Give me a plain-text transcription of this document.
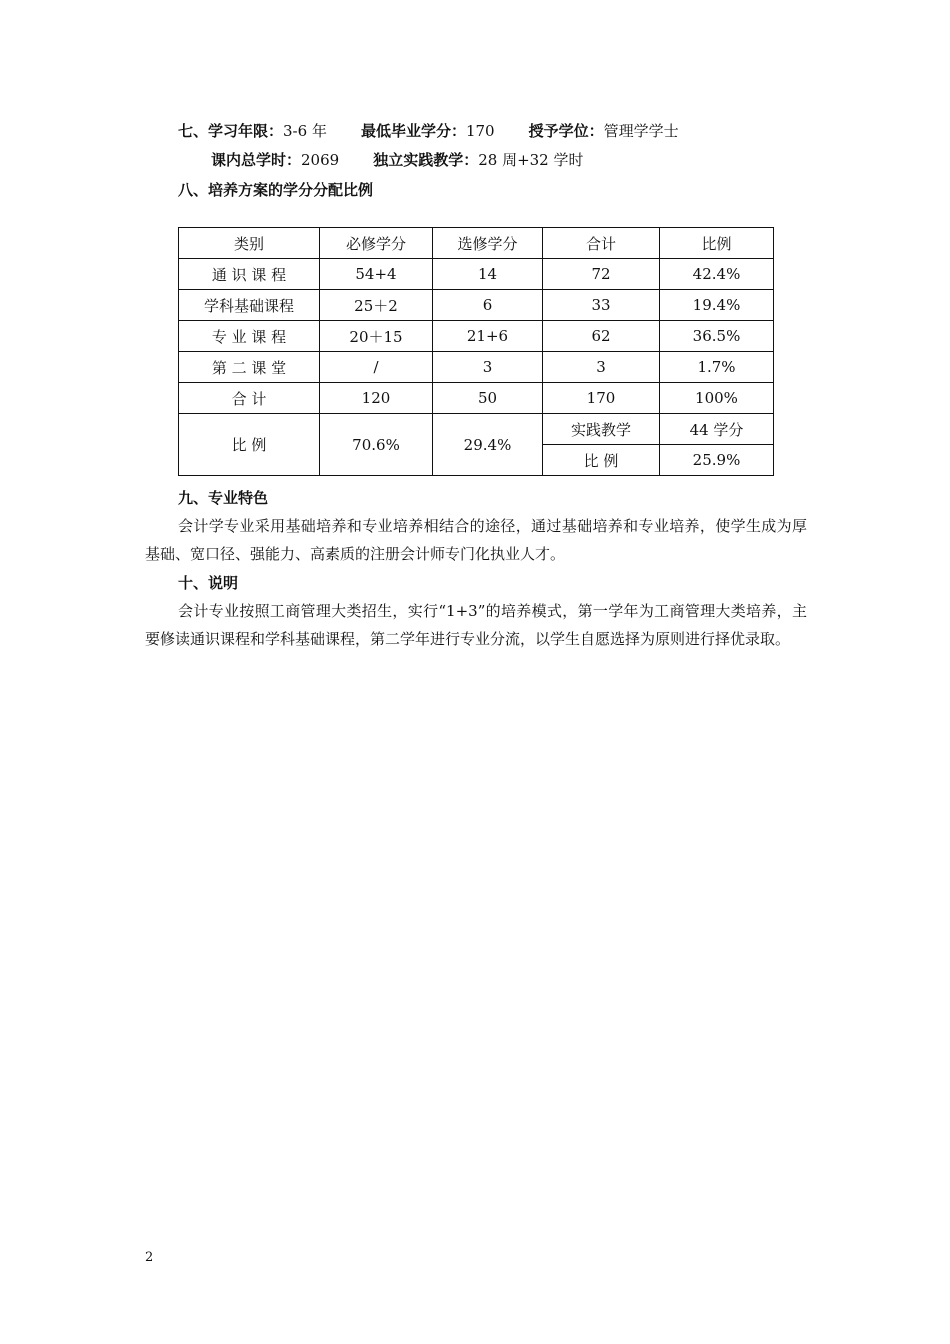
七、学习年限：3-6 年 最低毕业学分：170 授予学位：管理学学士
课内总学时：2069 独立实践教学：28 周+32 学时
八、培养方案的学分分配比例
类别	必修学分	选修学分	合计	比例
通 识 课 程	54+4	14	72	42.4%
学科基础课程	25＋2	6	33	19.4%
专 业 课 程	20＋15	21+6	62	36.5%
第 二 课 堂	/	3	3	1.7%
合 计	120	50	170	100%
比 例	70.6%	29.4%	实践教学	44 学分
			比 例	25.9%
九、专业特色
会计学专业采用基础培养和专业培养相结合的途径，通过基础培养和专业培养，使学生成为厚基础、宽口径、强能力、高素质的注册会计师专门化执业人才。
十、说明
会计专业按照工商管理大类招生，实行“1+3”的培养模式，第一学年为工商管理大类培养，主要修读通识课程和学科基础课程，第二学年进行专业分流，以学生自愿选择为原则进行择优录取。
2
